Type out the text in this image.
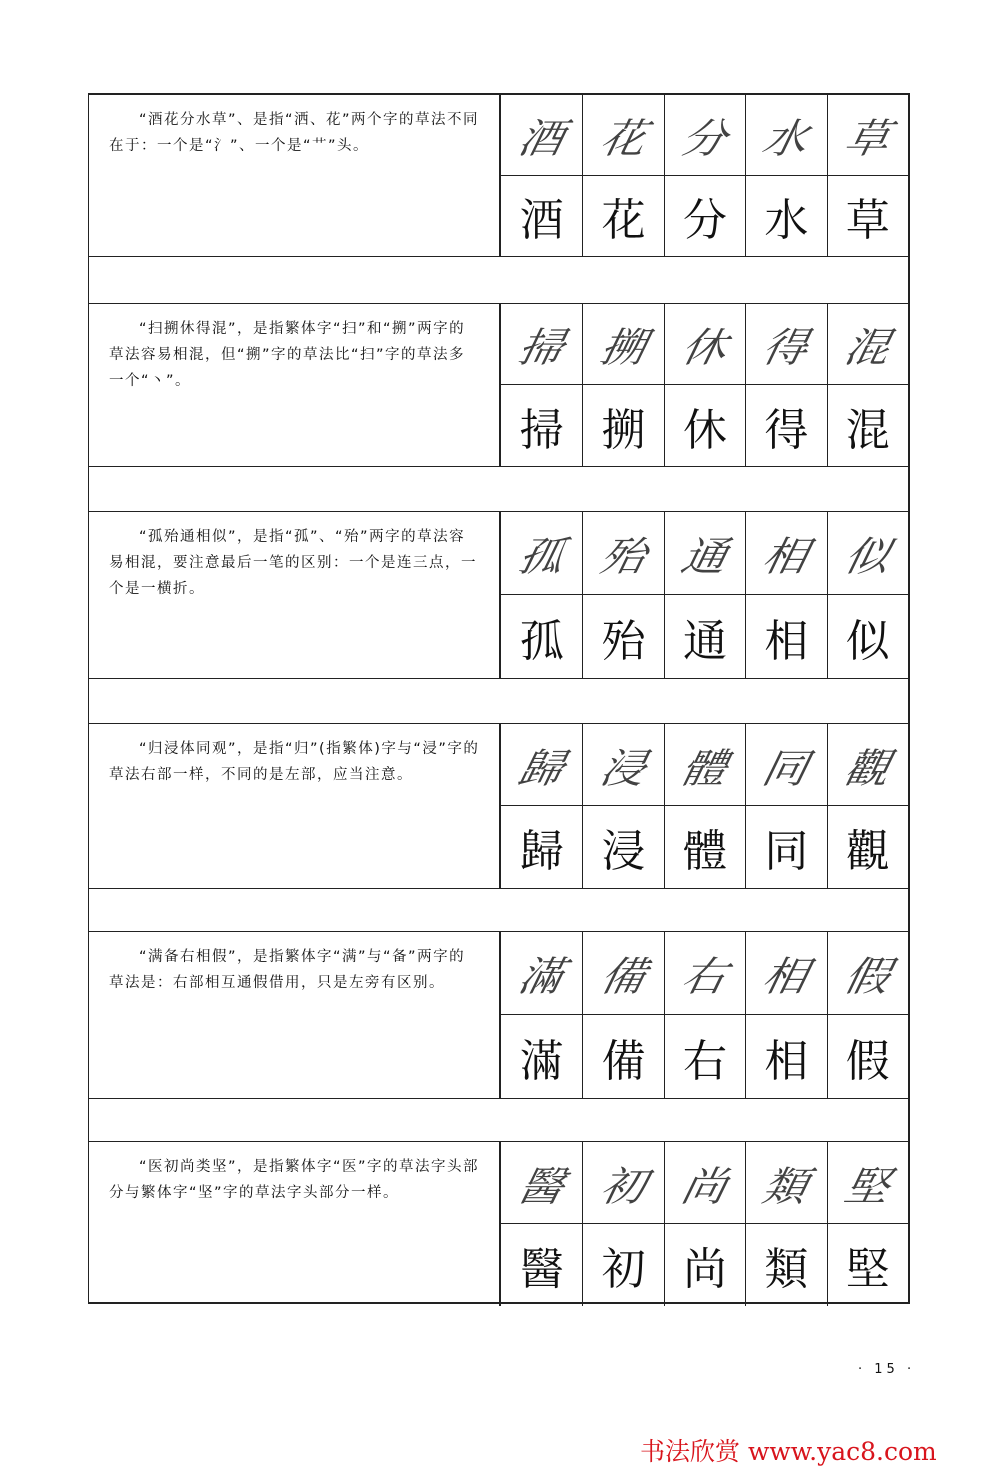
“酒花分水草”、是指“洒、花”两个字的草法不同在于：一个是“氵”、一个是“艹”头。	酒 花 分 水 草
酒 花 分 水 草
“扫搠休得混”，是指繁体字“扫”和“搠”两字的草法容易相混，但“搠”字的草法比“扫”字的草法多一个“丶”。
掃 搠 休 得 混
掃 搠 休 得 混
“孤殆通相似”，是指“孤”、“殆”两字的草法容易相混，要注意最后一笔的区别：一个是连三点，一个是一横折。
孤 殆 通 相 似
孤 殆 通 相 似
“归浸体同观”，是指“归”(指繁体)字与“浸”字的草法右部一样，不同的是左部，应当注意。	歸 浸 體 同 觀
歸 浸 體 同 觀
“满备右相假”，是指繁体字“满”与“备”两字的草法是：右部相互通假借用，只是左旁有区别。	滿 備 右 相 假
滿 備 右 相 假
“医初尚类坚”，是指繁体字“医”字的草法字头部分与繁体字“坚”字的草法字头部分一样。	醫 初 尚 類 堅
醫 初 尚 類 堅
· 15 ·
书法欣赏 www.yac8.com
